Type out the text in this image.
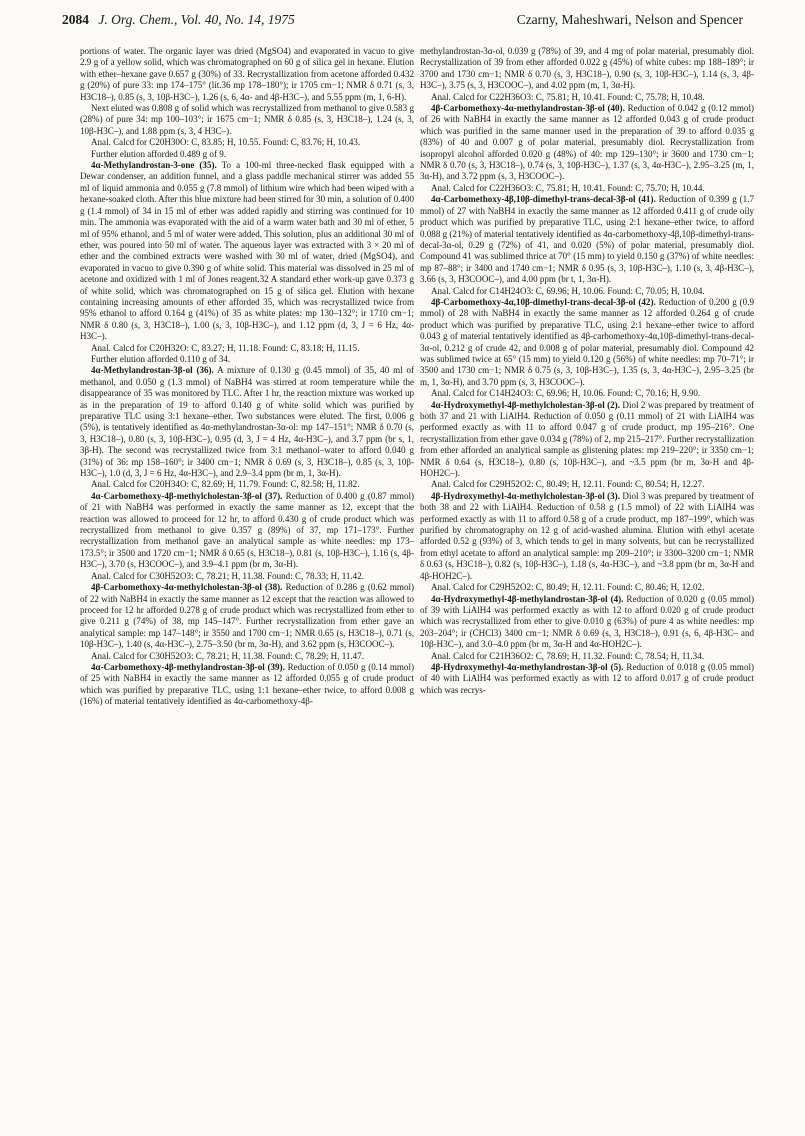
2084 J. Org. Chem., Vol. 40, No. 14, 1975	Czarny, Maheshwari, Nelson and Spencer

portions of water. The organic layer was dried (MgSO4) and evaporated in vacuo to give 2.9 g of a yellow solid, which was chromatographed on 60 g of silica gel in hexane. Elution with ether–hexane gave 0.657 g (30%) of 33. Recrystallization from acetone afforded 0.432 g (20%) of pure 33: mp 174–175° (lit.36 mp 178–180°); ir 1705 cm−1; NMR δ 0.71 (s, 3, H3C18–), 0.85 (s, 3, 10β-H3C–), 1.26 (s, 6, 4α- and 4β-H3C–), and 5.55 ppm (m, 1, 6-H).

Next eluted was 0.808 g of solid which was recrystallized from methanol to give 0.583 g (28%) of pure 34: mp 100–103°; ir 1675 cm−1; NMR δ 0.85 (s, 3, H3C18–), 1.24 (s, 3, 10β-H3C–), and 1.88 ppm (s, 3, 4 H3C–).

Anal. Calcd for C20H30O: C, 83.85; H, 10.55. Found: C, 83.76; H, 10.43.

Further elution afforded 0.489 g of 9.

4α-Methylandrostan-3-one (35). To a 100-ml three-necked flask equipped with a Dewar condenser, an addition funnel, and a glass paddle mechanical stirrer was added 55 ml of liquid ammonia and 0.055 g (7.8 mmol) of lithium wire which had been wiped with a hexane-soaked cloth. After this blue mixture had been stirred for 30 min, a solution of 0.400 g (1.4 mmol) of 34 in 15 ml of ether was added rapidly and stirring was continued for 10 min. The ammonia was evaporated with the aid of a warm water bath and 30 ml of ether, 5 ml of 95% ethanol, and 5 ml of water were added. This solution, plus an additional 30 ml of ether, was poured into 50 ml of water. The aqueous layer was extracted with 3 × 20 ml of ether and the combined extracts were washed with 30 ml of water, dried (MgSO4), and evaporated in vacuo to give 0.390 g of white solid. This material was dissolved in 25 ml of acetone and oxidized with 1 ml of Jones reagent.32 A standard ether work-up gave 0.373 g of white solid, which was chromatographed on 15 g of silica gel. Elution with hexane containing increasing amounts of ether afforded 35, which was recrystallized twice from 95% ethanol to afford 0.164 g (41%) of 35 as white plates: mp 130–132°; ir 1710 cm−1; NMR δ 0.80 (s, 3, H3C18–), 1.00 (s, 3, 10β-H3C–), and 1.12 ppm (d, 3, J = 6 Hz, 4α-H3C–).

Anal. Calcd for C20H32O: C, 83.27; H, 11.18. Found: C, 83.18; H, 11.15.

Further elution afforded 0.110 g of 34.

4α-Methylandrostan-3β-ol (36). A mixture of 0.130 g (0.45 mmol) of 35, 40 ml of methanol, and 0.050 g (1.3 mmol) of NaBH4 was stirred at room temperature while the disappearance of 35 was monitored by TLC. After 1 hr, the reaction mixture was worked up as in the preparation of 19 to afford 0.140 g of white solid which was purified by preparative TLC using 3:1 hexane–ether. Two substances were eluted. The first, 0.006 g (5%), is tentatively identified as 4α-methylandrostan-3α-ol: mp 147–151°; NMR δ 0.70 (s, 3, H3C18–), 0.80 (s, 3, 10β-H3C–), 0.95 (d, 3, J = 4 Hz, 4α-H3C–), and 3.7 ppm (br s, 1, 3β-H). The second was recrystallized twice from 3:1 methanol–water to afford 0.040 g (31%) of 36: mp 158–160°; ir 3400 cm−1; NMR δ 0.69 (s, 3, H3C18–), 0.85 (s, 3, 10β-H3C–), 1.0 (d, 3, J = 6 Hz, 4α-H3C–), and 2.9–3.4 ppm (br m, 1, 3α-H).

Anal. Calcd for C20H34O: C, 82.69; H, 11.79. Found: C, 82.58; H, 11.82.

4α-Carbomethoxy-4β-methylcholestan-3β-ol (37). Reduction of 0.400 g (0.87 mmol) of 21 with NaBH4 was performed in exactly the same manner as 12, except that the reaction was allowed to proceed for 12 hr, to afford 0.430 g of crude product which was recrystallized from methanol to give 0.357 g (89%) of 37, mp 171–173°. Further recrystallization from methanol gave an analytical sample as white needles: mp 173–173.5°; ir 3500 and 1720 cm−1; NMR δ 0.65 (s, H3C18–), 0.81 (s, 10β-H3C–), 1.16 (s, 4β-H3C–), 3.70 (s, H3COOC–), and 3.9–4.1 ppm (br m, 3α-H).

Anal. Calcd for C30H52O3: C, 78.21; H, 11.38. Found: C, 78.33; H, 11.42.

4β-Carbomethoxy-4α-methylcholestan-3β-ol (38). Reduction of 0.286 g (0.62 mmol) of 22 with NaBH4 in exactly the same manner as 12 except that the reaction was allowed to proceed for 12 hr afforded 0.278 g of crude product which was recrystallized from ether to give 0.211 g (74%) of 38, mp 145–147°. Further recrystallization from ether gave an analytical sample: mp 147–148°; ir 3550 and 1700 cm−1; NMR 0.65 (s, H3C18–), 0.71 (s, 10β-H3C–), 1.40 (s, 4α-H3C–), 2.75–3.50 (br m, 3α-H), and 3.62 ppm (s, H3COOC–).

Anal. Calcd for C30H52O3: C, 78.21; H, 11.38. Found: C, 78.29; H, 11.47.

4α-Carbomethoxy-4β-methylandrostan-3β-ol (39). Reduction of 0.050 g (0.14 mmol) of 25 with NaBH4 in exactly the same manner as 12 afforded 0.055 g of crude product which was purified by preparative TLC, using 1:1 hexane–ether twice, to afford 0.008 g (16%) of material tentatively identified as 4α-carbomethoxy-4β-

methylandrostan-3α-ol, 0.039 g (78%) of 39, and 4 mg of polar material, presumably diol. Recrystallization of 39 from ether afforded 0.022 g (45%) of white cubes: mp 188–189°; ir 3700 and 1730 cm−1; NMR δ 0.70 (s, 3, H3C18–), 0.90 (s, 3, 10β-H3C–), 1.14 (s, 3, 4β-H3C–), 3.75 (s, 3, H3COOC–), and 4.02 ppm (m, 1, 3α-H).

Anal. Calcd for C22H36O3: C, 75.81; H, 10.41. Found: C, 75.78; H, 10.48.

4β-Carbomethoxy-4α-methylandrostan-3β-ol (40). Reduction of 0.042 g (0.12 mmol) of 26 with NaBH4 in exactly the same manner as 12 afforded 0.043 g of crude product which was purified in the same manner used in the preparation of 39 to afford 0.035 g (83%) of 40 and 0.007 g of polar material, presumably diol. Recrystallization from isopropyl alcohol afforded 0.020 g (48%) of 40: mp 129–130°; ir 3600 and 1730 cm−1; NMR δ 0.70 (s, 3, H3C18–), 0.74 (s, 3, 10β-H3C–), 1.37 (s, 3, 4α-H3C–), 2.95–3.25 (m, 1, 3α-H), and 3.72 ppm (s, 3, H3COOC–).

Anal. Calcd for C22H36O3: C, 75.81; H, 10.41. Found: C, 75.70; H, 10.44.

4α-Carbomethoxy-4β,10β-dimethyl-trans-decal-3β-ol (41). Reduction of 0.399 g (1.7 mmol) of 27 with NaBH4 in exactly the same manner as 12 afforded 0.411 g of crude oily product which was purified by preparative TLC, using 2:1 hexane–ether twice, to afford 0.088 g (21%) of material tentatively identified as 4α-carbomethoxy-4β,10β-dimethyl-trans-decal-3α-ol, 0.29 g (72%) of 41, and 0.020 (5%) of polar material, presumably diol. Compound 41 was sublimed thrice at 70° (15 mm) to yield 0.150 g (37%) of white needles: mp 87–88°; ir 3400 and 1740 cm−1; NMR δ 0.95 (s, 3, 10β-H3C–), 1.10 (s, 3, 4β-H3C–), 3.66 (s, 3, H3COOC–), and 4.00 ppm (br t, 1, 3α-H).

Anal. Calcd for C14H24O3: C, 69.96; H, 10.06. Found: C, 70.05; H, 10.04.

4β-Carbomethoxy-4α,10β-dimethyl-trans-decal-3β-ol (42). Reduction of 0.200 g (0.9 mmol) of 28 with NaBH4 in exactly the same manner as 12 afforded 0.264 g of crude product which was purified by preparative TLC, using 2:1 hexane–ether twice to afford 0.043 g of material tentatively identified as 4β-carbomethoxy-4α,10β-dimethyl-trans-decal-3α-ol, 0.212 g of crude 42, and 0.008 g of polar material, presumably diol. Compound 42 was sublimed twice at 65° (15 mm) to yield 0.120 g (56%) of white needles: mp 70–71°; ir 3500 and 1730 cm−1; NMR δ 0.75 (s, 3, 10β-H3C–), 1.35 (s, 3, 4α-H3C–), 2.95–3.25 (br m, 1, 3α-H), and 3.70 ppm (s, 3, H3COOC–).

Anal. Calcd for C14H24O3: C, 69.96; H, 10.06. Found: C, 70.16; H, 9.90.

4α-Hydroxymethyl-4β-methylcholestan-3β-ol (2). Diol 2 was prepared by treatment of both 37 and 21 with LiAlH4. Reduction of 0.050 g (0.11 mmol) of 21 with LiAlH4 was performed exactly as with 11 to afford 0.047 g of crude product, mp 195–216°. One recrystallization from ether gave 0.034 g (78%) of 2, mp 215–217°. Further recrystallization from ether afforded an analytical sample as glistening plates: mp 219–220°; ir 3350 cm−1; NMR δ 0.64 (s, H3C18–), 0.80 (s, 10β-H3C–), and ~3.5 ppm (br m, 3α-H and 4β-HOH2C–).

Anal. Calcd for C29H52O2: C, 80.49; H, 12.11. Found: C, 80.54; H, 12.27.

4β-Hydroxymethyl-4α-methylcholestan-3β-ol (3). Diol 3 was prepared by treatment of both 38 and 22 with LiAlH4. Reduction of 0.58 g (1.5 mmol) of 22 with LiAlH4 was performed exactly as with 11 to afford 0.58 g of a crude product, mp 187–199°, which was purified by chromatography on 12 g of acid-washed alumina. Elution with ethyl acetate afforded 0.52 g (93%) of 3, which tends to gel in many solvents, but can be recrystallized from ethyl acetate to afford an analytical sample: mp 209–210°; ir 3300–3200 cm−1; NMR δ 0.63 (s, H3C18–), 0.82 (s, 10β-H3C–), 1.18 (s, 4α-H3C–), and ~3.8 ppm (br m, 3α-H and 4β-HOH2C–).

Anal. Calcd for C29H52O2: C, 80.49; H, 12.11. Found: C, 80.46; H, 12.02.

4α-Hydroxymethyl-4β-methylandrostan-3β-ol (4). Reduction of 0.020 g (0.05 mmol) of 39 with LiAlH4 was performed exactly as with 12 to afford 0.020 g of crude product which was recrystallized from ether to give 0.010 g (63%) of pure 4 as white needles: mp 203–204°; ir (CHCl3) 3400 cm−1; NMR δ 0.69 (s, 3, H3C18–), 0.91 (s, 6, 4β-H3C– and 10β-H3C–), and 3.0–4.0 ppm (br m, 3α-H and 4α-HOH2C–).

Anal. Calcd for C21H36O2: C, 78.69; H, 11.32. Found: C, 78.54; H, 11.34.

4β-Hydroxymethyl-4α-methylandrostan-3β-ol (5). Reduction of 0.018 g (0.05 mmol) of 40 with LiAlH4 was performed exactly as with 12 to afford 0.017 g of crude product which was recrys-
